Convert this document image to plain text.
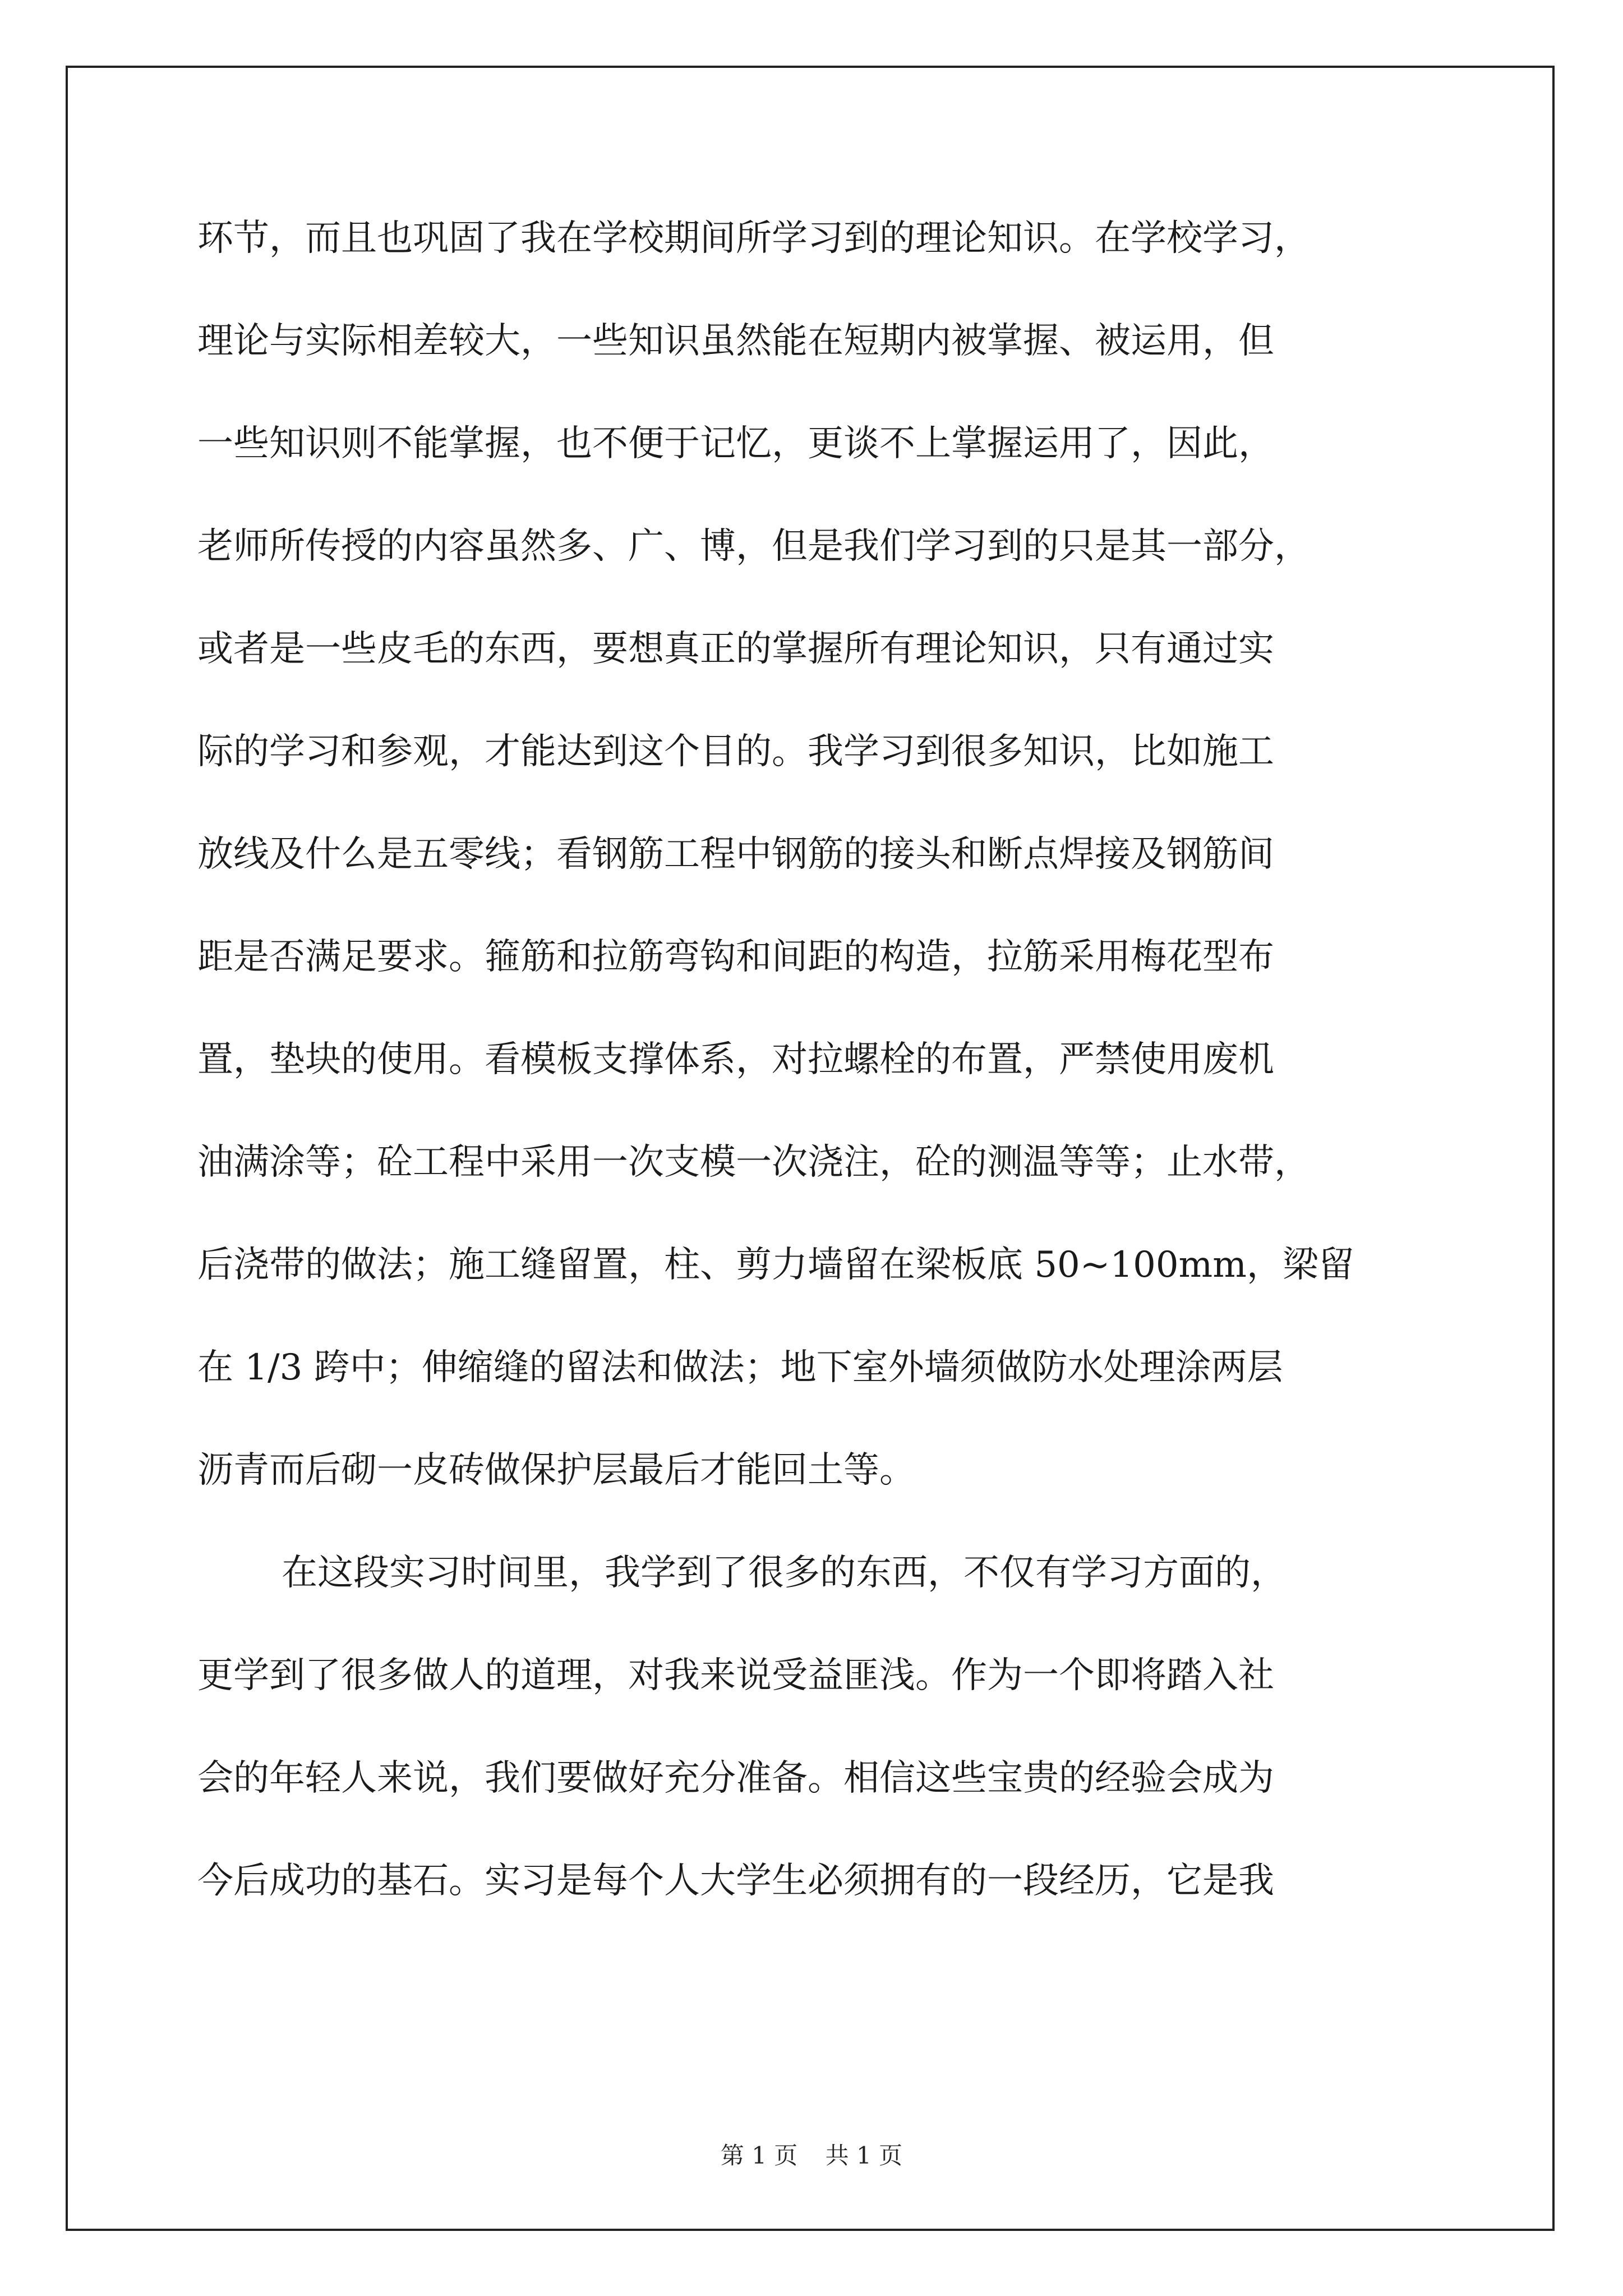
环节，而且也巩固了我在学校期间所学习到的理论知识。在学校学习，
理论与实际相差较大，一些知识虽然能在短期内被掌握、被运用，但
一些知识则不能掌握，也不便于记忆，更谈不上掌握运用了，因此，
老师所传授的内容虽然多、广、博，但是我们学习到的只是其一部分，
或者是一些皮毛的东西，要想真正的掌握所有理论知识，只有通过实
际的学习和参观，才能达到这个目的。我学习到很多知识，比如施工
放线及什么是五零线；看钢筋工程中钢筋的接头和断点焊接及钢筋间
距是否满足要求。箍筋和拉筋弯钩和间距的构造，拉筋采用梅花型布
置，垫块的使用。看模板支撑体系，对拉螺栓的布置，严禁使用废机
油满涂等；砼工程中采用一次支模一次浇注，砼的测温等等；止水带，
后浇带的做法；施工缝留置，柱、剪力墙留在梁板底 50~100mm，梁留
在 1/3 跨中；伸缩缝的留法和做法；地下室外墙须做防水处理涂两层
沥青而后砌一皮砖做保护层最后才能回土等。
在这段实习时间里，我学到了很多的东西，不仅有学习方面的，
更学到了很多做人的道理，对我来说受益匪浅。作为一个即将踏入社
会的年轻人来说，我们要做好充分准备。相信这些宝贵的经验会成为
今后成功的基石。实习是每个人大学生必须拥有的一段经历，它是我
第 1 页 共 1 页
